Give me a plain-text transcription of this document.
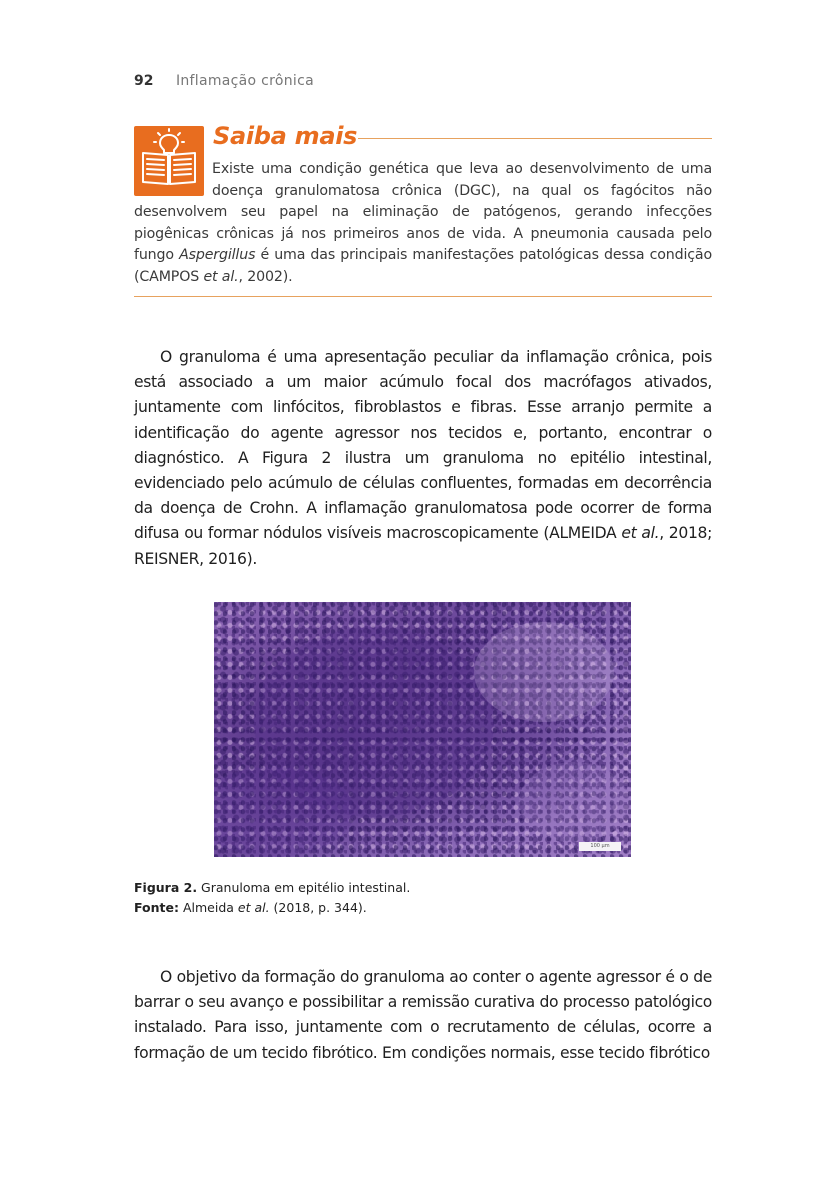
92 Inflamação crônica
Saiba mais

Existe uma condição genética que leva ao desenvolvimento de uma doença granulomatosa crônica (DGC), na qual os fagócitos não desenvolvem seu papel na eliminação de patógenos, gerando infecções piogênicas crônicas já nos primeiros anos de vida. A pneumonia causada pelo fungo Aspergillus é uma das principais manifestações patológicas dessa condição (CAMPOS et al., 2002).

O granuloma é uma apresentação peculiar da inflamação crônica, pois está associado a um maior acúmulo focal dos macrófagos ativados, juntamente com linfócitos, fibroblastos e fibras. Esse arranjo permite a identificação do agente agressor nos tecidos e, portanto, encontrar o diagnóstico. A Figura 2 ilustra um granuloma no epitélio intestinal, evidenciado pelo acúmulo de células confluentes, formadas em decorrência da doença de Crohn. A inflamação granulomatosa pode ocorrer de forma difusa ou formar nódulos visíveis macroscopicamente (ALMEIDA et al., 2018; REISNER, 2016).

100 µm

Figura 2. Granuloma em epitélio intestinal.

Fonte: Almeida et al. (2018, p. 344).

O objetivo da formação do granuloma ao conter o agente agressor é o de barrar o seu avanço e possibilitar a remissão curativa do processo patológico instalado. Para isso, juntamente com o recrutamento de células, ocorre a formação de um tecido fibrótico. Em condições normais, esse tecido fibrótico
